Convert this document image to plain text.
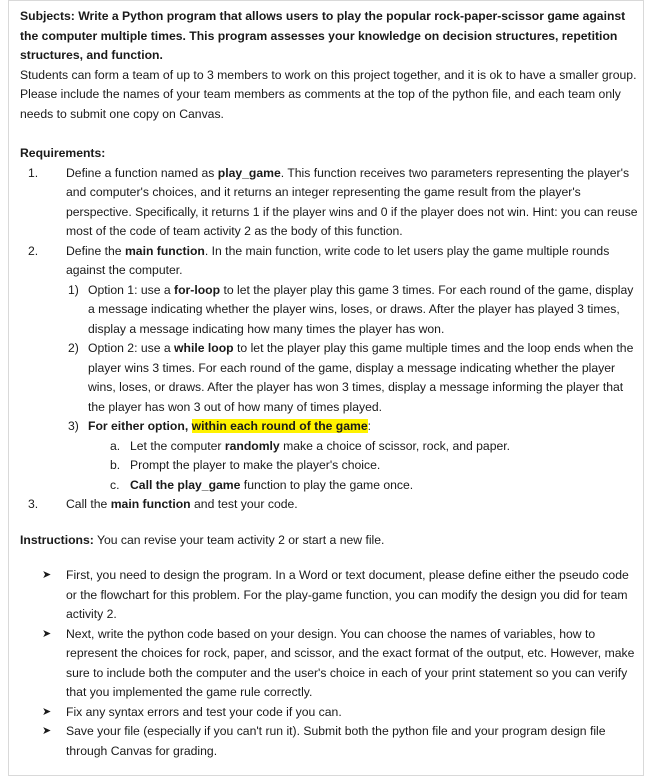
Subjects: Write a Python program that allows users to play the popular rock-paper-scissor game against the computer multiple times. This program assesses your knowledge on decision structures, repetition structures, and function.

Students can form a team of up to 3 members to work on this project together, and it is ok to have a smaller group. Please include the names of your team members as comments at the top of the python file, and each team only needs to submit one copy on Canvas.

Requirements:

1. Define a function named as play_game. This function receives two parameters representing the player's and computer's choices, and it returns an integer representing the game result from the player's perspective. Specifically, it returns 1 if the player wins and 0 if the player does not win. Hint: you can reuse most of the code of team activity 2 as the body of this function.
2. Define the main function. In the main function, write code to let users play the game multiple rounds against the computer.
1) Option 1: use a for-loop to let the player play this game 3 times. For each round of the game, display a message indicating whether the player wins, loses, or draws. After the player has played 3 times, display a message indicating how many times the player has won.
2) Option 2: use a while loop to let the player play this game multiple times and the loop ends when the player wins 3 times. For each round of the game, display a message indicating whether the player wins, loses, or draws. After the player has won 3 times, display a message informing the player that the player has won 3 out of how many of times played.
3) For either option, within each round of the game:
a. Let the computer randomly make a choice of scissor, rock, and paper.
b. Prompt the player to make the player's choice.
c. Call the play_game function to play the game once.
3. Call the main function and test your code.

Instructions: You can revise your team activity 2 or start a new file.

➤ First, you need to design the program. In a Word or text document, please define either the pseudo code or the flowchart for this problem. For the play-game function, you can modify the design you did for team activity 2.
➤ Next, write the python code based on your design. You can choose the names of variables, how to represent the choices for rock, paper, and scissor, and the exact format of the output, etc. However, make sure to include both the computer and the user's choice in each of your print statement so you can verify that you implemented the game rule correctly.
➤ Fix any syntax errors and test your code if you can.
➤ Save your file (especially if you can't run it). Submit both the python file and your program design file through Canvas for grading.
